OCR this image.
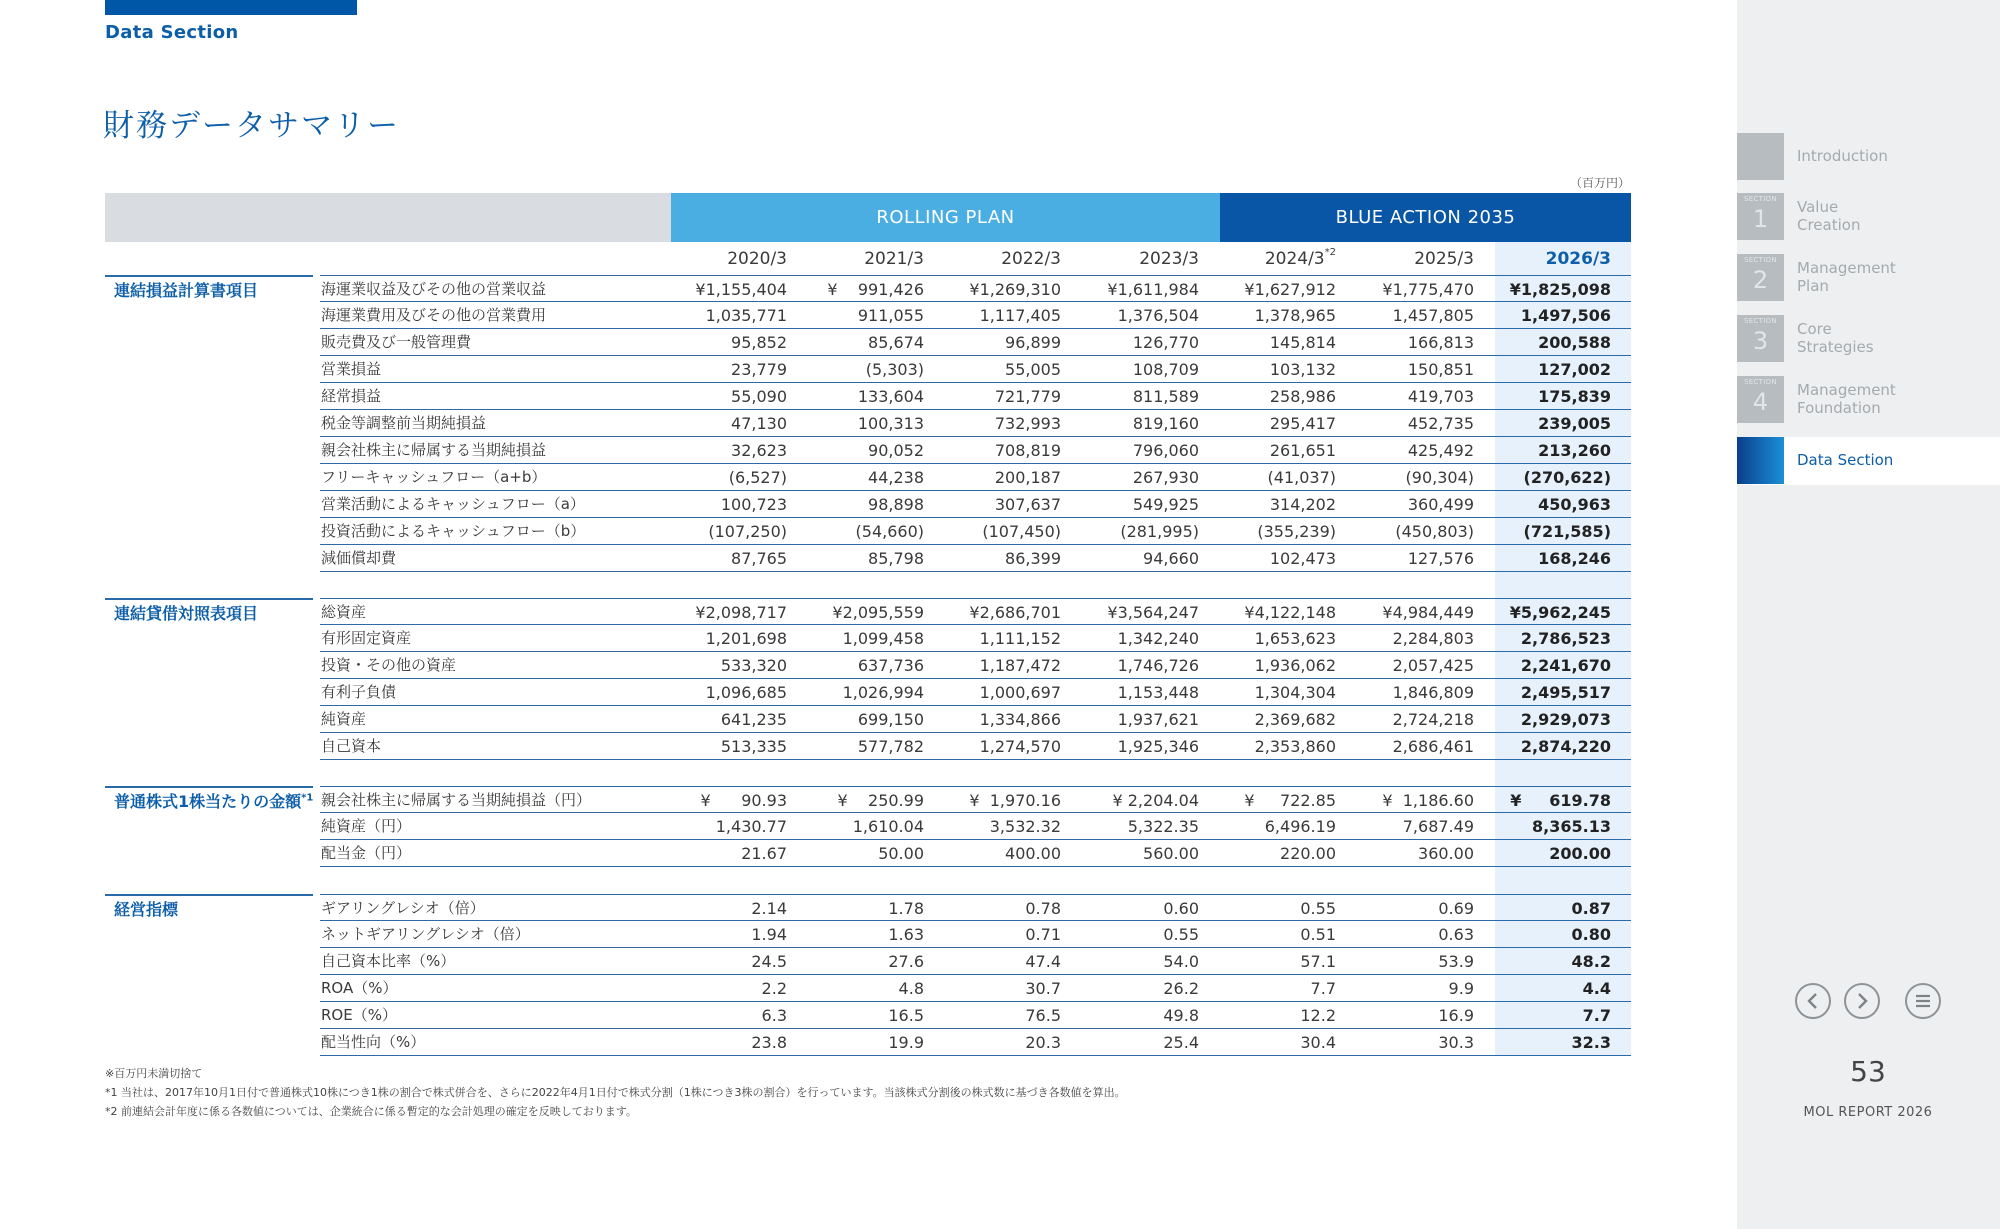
Data Section
財務データサマリー
（百万円）
ROLLING PLAN	BLUE ACTION 2035
2020/3	2021/3	2022/3	2023/3	2024/3$^{*2}$	2025/3	2026/3
連結損益計算書項目	海運業収益及びその他の営業収益	¥1,155,404	¥    991,426	¥1,269,310	¥1,611,984	¥1,627,912	¥1,775,470	¥1,825,098
海運業費用及びその他の営業費用	1,035,771	911,055	1,117,405	1,376,504	1,378,965	1,457,805	1,497,506
販売費及び一般管理費	95,852	85,674	96,899	126,770	145,814	166,813	200,588
営業損益	23,779	(5,303)	55,005	108,709	103,132	150,851	127,002
経常損益	55,090	133,604	721,779	811,589	258,986	419,703	175,839
税金等調整前当期純損益	47,130	100,313	732,993	819,160	295,417	452,735	239,005
親会社株主に帰属する当期純損益	32,623	90,052	708,819	796,060	261,651	425,492	213,260
フリーキャッシュフロー（a+b）	(6,527)	44,238	200,187	267,930	(41,037)	(90,304)	(270,622)
営業活動によるキャッシュフロー（a）	100,723	98,898	307,637	549,925	314,202	360,499	450,963
投資活動によるキャッシュフロー（b）	(107,250)	(54,660)	(107,450)	(281,995)	(355,239)	(450,803)	(721,585)
減価償却費	87,765	85,798	86,399	94,660	102,473	127,576	168,246
連結貸借対照表項目	総資産	¥2,098,717	¥2,095,559	¥2,686,701	¥3,564,247	¥4,122,148	¥4,984,449	¥5,962,245
有形固定資産	1,201,698	1,099,458	1,111,152	1,342,240	1,653,623	2,284,803	2,786,523
投資・その他の資産	533,320	637,736	1,187,472	1,746,726	1,936,062	2,057,425	2,241,670
有利子負債	1,096,685	1,026,994	1,000,697	1,153,448	1,304,304	1,846,809	2,495,517
純資産	641,235	699,150	1,334,866	1,937,621	2,369,682	2,724,218	2,929,073
自己資本	513,335	577,782	1,274,570	1,925,346	2,353,860	2,686,461	2,874,220
普通株式1株当たりの金額$^{*1}$ 親会社株主に帰属する当期純損益（円）	¥      90.93	¥    250.99	¥  1,970.16	¥ 2,204.04	¥     722.85	¥  1,186.60	¥     619.78
純資産（円）	1,430.77	1,610.04	3,532.32	5,322.35	6,496.19	7,687.49	8,365.13
配当金（円）	21.67	50.00	400.00	560.00	220.00	360.00	200.00
経営指標	ギアリングレシオ（倍）	2.14	1.78	0.78	0.60	0.55	0.69	0.87
ネットギアリングレシオ（倍）	1.94	1.63	0.71	0.55	0.51	0.63	0.80
自己資本比率（%）	24.5	27.6	47.4	54.0	57.1	53.9	48.2
ROA（%）	2.2	4.8	30.7	26.2	7.7	9.9	4.4
ROE（%）	6.3	16.5	76.5	49.8	12.2	16.9	7.7
配当性向（%）	23.8	19.9	20.3	25.4	30.4	30.3	32.3
※百万円未満切捨て
*1 当社は、2017年10月1日付で普通株式10株につき1株の割合で株式併合を、さらに2022年4月1日付で株式分割（1株につき3株の割合）を行っています。当該株式分割後の株式数に基づき各数値を算出。
*2 前連結会計年度に係る各数値については、企業統合に係る暫定的な会計処理の確定を反映しております。
Introduction
SECTION
1	Value
Creation
SECTION
2	Management
Plan
SECTION
3	Core
Strategies
SECTION
4	Management
Foundation
Data Section
53
MOL REPORT 2026
